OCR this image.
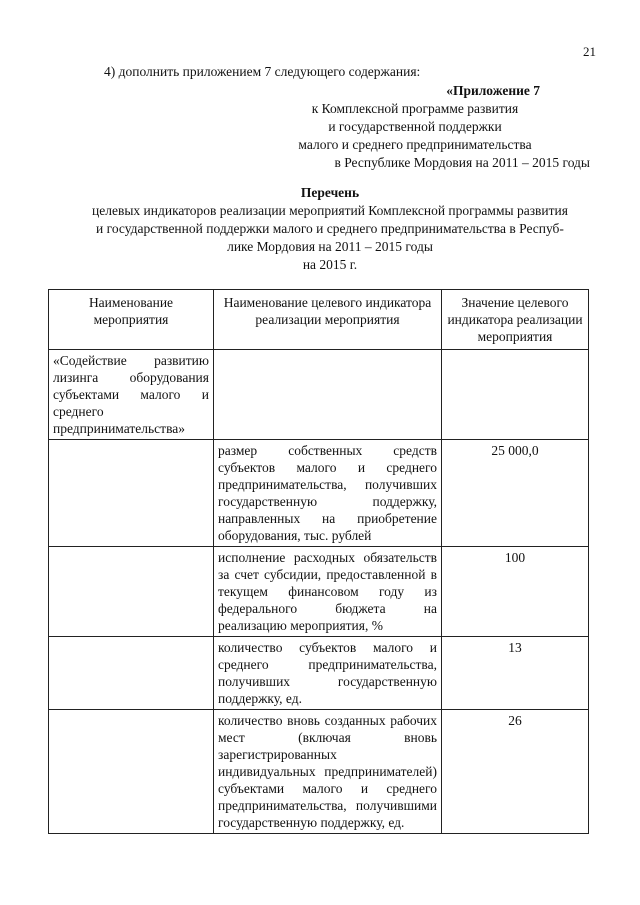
21
4) дополнить приложением 7 следующего содержания:
«Приложение 7
к Комплексной программе развития
и государственной поддержки
малого и среднего предпринимательства
в Республике Мордовия на 2011 – 2015 годы
Перечень
целевых индикаторов реализации мероприятий Комплексной программы развития
и государственной поддержки малого и среднего предпринимательства в Респуб-
лике Мордовия на 2011 – 2015 годы
на 2015 г.
Наименование мероприятия	Наименование целевого индикатора реализации мероприятия	Значение целевого индикатора реализации мероприятия
«Содействие развитию лизинга оборудования субъектами малого и среднего предпринимательства»		
	размер собственных средств субъектов малого и среднего предпринимательства, получивших государственную поддержку, направленных на приобретение оборудования, тыс. рублей	25 000,0
	исполнение расходных обязательств за счет субсидии, предоставленной в текущем финансовом году из федерального бюджета на реализацию мероприятия, %	100
	количество субъектов малого и среднего предпринимательства, получивших государственную поддержку, ед.	13
	количество вновь созданных рабочих мест (включая вновь зарегистрированных индивидуальных предпринимателей) субъектами малого и среднего предпринимательства, получившими государственную поддержку, ед.	26
